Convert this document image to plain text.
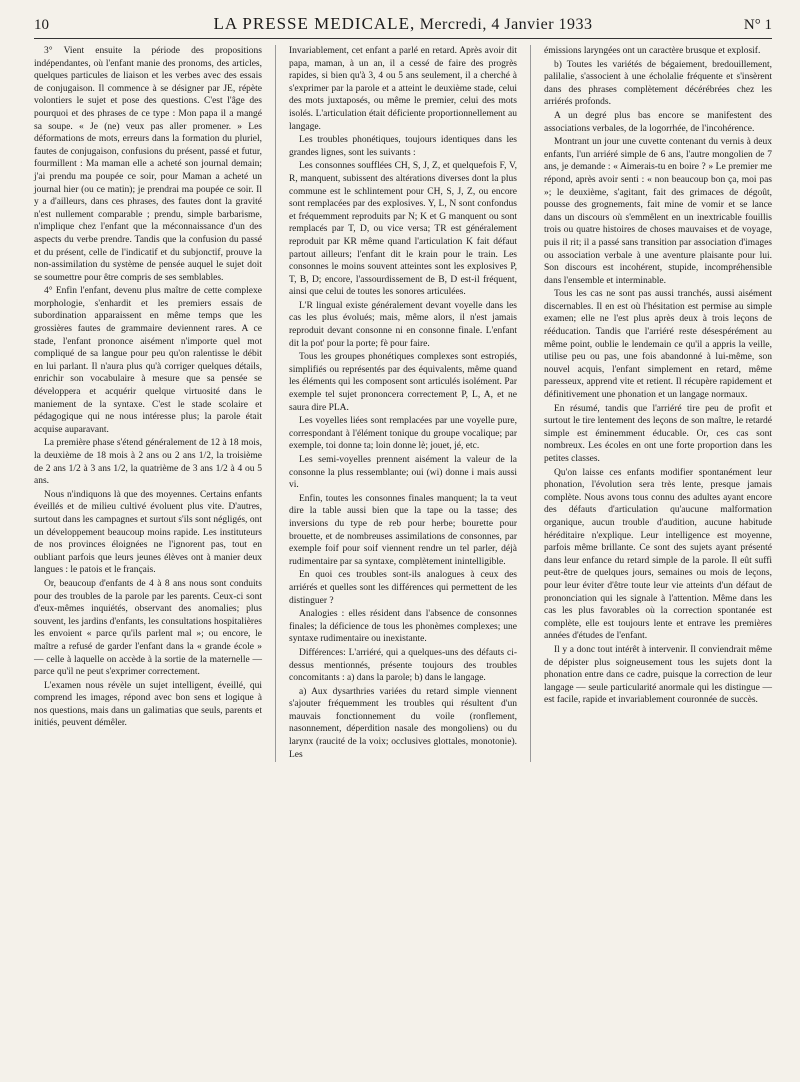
10	LA PRESSE MEDICALE, Mercredi, 4 Janvier 1933	N° 1

3° Vient ensuite la période des propositions indépendantes, où l'enfant manie des pronoms, des articles, quelques particules de liaison et les verbes avec des essais de conjugaison. Il commence à se désigner par JE, répète volontiers le sujet et pose des questions. C'est l'âge des pourquoi et des phrases de ce type : Mon papa il a mangé sa soupe. « Je (ne) veux pas aller promener. » Les déformations de mots, erreurs dans la formation du pluriel, fautes de conjugaison, confusions du présent, passé et futur, fourmillent : Ma maman elle a acheté son journal demain; j'ai prendu ma poupée ce soir, pour Maman a acheté un journal hier (ou ce matin); je prendrai ma poupée ce soir. Il y a d'ailleurs, dans ces phrases, des fautes dont la gravité n'est nullement comparable ; prendu, simple barbarisme, n'implique chez l'enfant que la méconnaissance d'un des aspects du verbe prendre. Tandis que la confusion du passé et du présent, celle de l'indicatif et du subjonctif, prouve la non-assimilation du système de pensée auquel le sujet doit se soumettre pour être compris de ses semblables.

4° Enfin l'enfant, devenu plus maître de cette complexe morphologie, s'enhardit et les premiers essais de subordination apparaissent en même temps que les grossières fautes de grammaire deviennent rares. A ce stade, l'enfant prononce aisément n'importe quel mot compliqué de sa langue pour peu qu'on ralentisse le débit en lui parlant. Il n'aura plus qu'à corriger quelques détails, enrichir son vocabulaire à mesure que sa pensée se développera et acquérir quelque virtuosité dans le maniement de la syntaxe. C'est le stade scolaire et pédagogique qui ne nous intéresse plus; la parole était acquise auparavant.

La première phase s'étend généralement de 12 à 18 mois, la deuxième de 18 mois à 2 ans ou 2 ans 1/2, la troisième de 2 ans 1/2 à 3 ans 1/2, la quatrième de 3 ans 1/2 à 4 ou 5 ans.

Nous n'indiquons là que des moyennes. Certains enfants éveillés et de milieu cultivé évoluent plus vite. D'autres, surtout dans les campagnes et surtout s'ils sont négligés, ont un développement beaucoup moins rapide. Les instituteurs de nos provinces éloignées ne l'ignorent pas, tout en oubliant parfois que leurs jeunes élèves ont à manier deux langues : le patois et le français.

Or, beaucoup d'enfants de 4 à 8 ans nous sont conduits pour des troubles de la parole par les parents. Ceux-ci sont d'eux-mêmes inquiétés, observant des anomalies; plus souvent, les jardins d'enfants, les consultations hospitalières les envoient « parce qu'ils parlent mal »; ou encore, le maître a refusé de garder l'enfant dans la « grande école » — celle à laquelle on accède à la sortie de la maternelle — parce qu'il ne peut s'exprimer correctement.

L'examen nous révèle un sujet intelligent, éveillé, qui comprend les images, répond avec bon sens et logique à nos questions, mais dans un galimatias que seuls, parents et initiés, peuvent démêler.

Invariablement, cet enfant a parlé en retard. Après avoir dit papa, maman, à un an, il a cessé de faire des progrès rapides, si bien qu'à 3, 4 ou 5 ans seulement, il a cherché à s'exprimer par la parole et a atteint le deuxième stade, celui des mots juxtaposés, ou même le premier, celui des mots isolés. L'articulation était déficiente proportionnellement au langage.

Les troubles phonétiques, toujours identiques dans les grandes lignes, sont les suivants :

Les consonnes soufflées CH, S, J, Z, et quelquefois F, V, R, manquent, subissent des altérations diverses dont la plus commune est le schlintement pour CH, S, J, Z, ou encore sont remplacées par des explosives. Y, L, N sont confondus et fréquemment reproduits par N; K et G manquent ou sont remplacés par T, D, ou vice versa; TR est généralement reproduit par KR même quand l'articulation K fait défaut partout ailleurs; l'enfant dit le krain pour le train. Les consonnes le moins souvent atteintes sont les explosives P, T, B, D; encore, l'assourdissement de B, D est-il fréquent, ainsi que celui de toutes les sonores articulées.

L'R lingual existe généralement devant voyelle dans les cas les plus évolués; mais, même alors, il n'est jamais reproduit devant consonne ni en consonne finale. L'enfant dit la pot' pour la porte; fè pour faire.

Tous les groupes phonétiques complexes sont estropiés, simplifiés ou représentés par des équivalents, même quand les éléments qui les composent sont articulés isolément. Par exemple tel sujet prononcera correctement P, L, A, et ne saura dire PLA.

Les voyelles liées sont remplacées par une voyelle pure, correspondant à l'élément tonique du groupe vocalique; par exemple, toi donne ta; loin donne lè; jouet, jé, etc.

Les semi-voyelles prennent aisément la valeur de la consonne la plus ressemblante; oui (wi) donne i mais aussi vi.

Enfin, toutes les consonnes finales manquent; la ta veut dire la table aussi bien que la tape ou la tasse; des inversions du type de reb pour herbe; bourette pour brouette, et de nombreuses assimilations de consonnes, par exemple foif pour soif viennent rendre un tel parler, déjà rudimentaire par sa syntaxe, complètement inintelligible.

En quoi ces troubles sont-ils analogues à ceux des arriérés et quelles sont les différences qui permettent de les distinguer ?

Analogies : elles résident dans l'absence de consonnes finales; la déficience de tous les phonèmes complexes; une syntaxe rudimentaire ou inexistante.

Différences: L'arriéré, qui a quelques-uns des défauts ci-dessus mentionnés, présente toujours des troubles concomitants : a) dans la parole; b) dans le langage.

a) Aux dysarthries variées du retard simple viennent s'ajouter fréquemment les troubles qui résultent d'un mauvais fonctionnement du voile (ronflement, nasonnement, déperdition nasale des mongoliens) ou du larynx (raucité de la voix; occlusives glottales, monotonie). Les

émissions laryngées ont un caractère brusque et explosif.

b) Toutes les variétés de bégaiement, bredouillement, palilalie, s'associent à une écholalie fréquente et s'insèrent dans des phrases complètement décérébrées chez les arriérés profonds.

A un degré plus bas encore se manifestent des associations verbales, de la logorrhée, de l'incohérence.

Montrant un jour une cuvette contenant du vernis à deux enfants, l'un arriéré simple de 6 ans, l'autre mongolien de 7 ans, je demande : « Aimerais-tu en boire ? » Le premier me répond, après avoir senti : « non beaucoup bon ça, moi pas »; le deuxième, s'agitant, fait des grimaces de dégoût, pousse des grognements, fait mine de vomir et se lance dans un discours où s'emmêlent en un inextricable fouillis trois ou quatre histoires de choses mauvaises et de voyage, puis il rit; il a passé sans transition par association d'images ou association verbale à une aventure plaisante pour lui. Son discours est incohérent, stupide, incompréhensible dans l'ensemble et interminable.

Tous les cas ne sont pas aussi tranchés, aussi aisément discernables. Il en est où l'hésitation est permise au simple examen; elle ne l'est plus après deux à trois leçons de rééducation. Tandis que l'arriéré reste désespérément au même point, oublie le lendemain ce qu'il a appris la veille, utilise peu ou pas, une fois abandonné à lui-même, son nouvel acquis, l'enfant simplement en retard, même paresseux, apprend vite et retient. Il récupère rapidement et définitivement une phonation et un langage normaux.

En résumé, tandis que l'arriéré tire peu de profit et surtout le tire lentement des leçons de son maître, le retardé simple est éminemment éducable. Or, ces cas sont nombreux. Les écoles en ont une forte proportion dans les petites classes.

Qu'on laisse ces enfants modifier spontanément leur phonation, l'évolution sera très lente, presque jamais complète. Nous avons tous connu des adultes ayant encore des défauts d'articulation qu'aucune malformation organique, aucun trouble d'audition, aucune habitude héréditaire n'explique. Leur intelligence est moyenne, parfois même brillante. Ce sont des sujets ayant présenté dans leur enfance du retard simple de la parole. Il eût suffi peut-être de quelques jours, semaines ou mois de leçons, pour leur éviter d'être toute leur vie atteints d'un défaut de prononciation qui les signale à l'attention. Même dans les cas les plus favorables où la correction spontanée est complète, elle est toujours lente et entrave les premières années d'études de l'enfant.

Il y a donc tout intérêt à intervenir. Il conviendrait même de dépister plus soigneusement tous les sujets dont la phonation entre dans ce cadre, puisque la correction de leur langage — seule particularité anormale qui les distingue — est facile, rapide et invariablement couronnée de succès.
